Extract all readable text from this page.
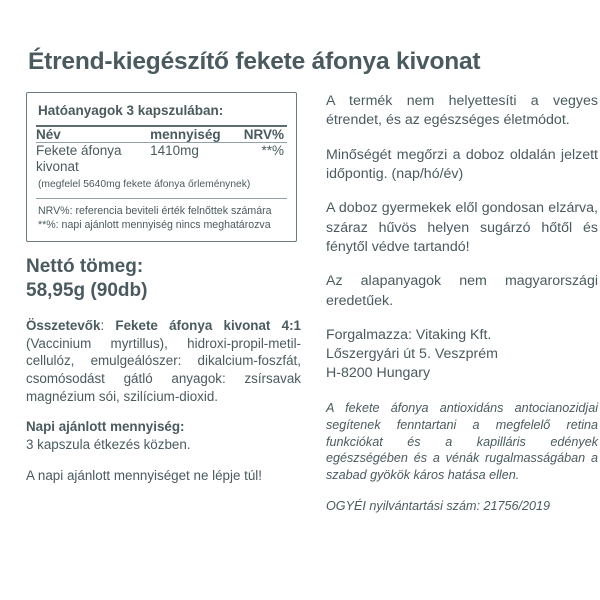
Étrend-kiegészítő fekete áfonya kivonat
Hatóanyagok 3 kapszulában:
Név	mennyiség	NRV%
Fekete áfonya kivonat	1410mg	**%
(megfelel 5640mg fekete áfonya őrleménynek)
NRV%: referencia beviteli érték felnőttek számára
**%: napi ajánlott mennyiség nincs meghatározva
Nettó tömeg:
58,95g (90db)
Összetevők: Fekete áfonya kivonat 4:1 (Vaccinium myrtillus), hidroxi-propil-metil-cellulóz, emulgeálószer: dikalcium-foszfát, csomósodást gátló anyagok: zsírsavak magnézium sói, szilícium-dioxid.
Napi ajánlott mennyiség:
3 kapszula étkezés közben.
A napi ajánlott mennyiséget ne lépje túl!

A termék nem helyettesíti a vegyes étrendet, és az egészséges életmódot.

Minőségét megőrzi a doboz oldalán jelzett időpontig. (nap/hó/év)

A doboz gyermekek elől gondosan elzárva, száraz hűvös helyen sugárzó hőtől és fénytől védve tartandó!

Az alapanyagok nem magyarországi eredetűek.

Forgalmazza: Vitaking Kft.
Lőszergyári út 5. Veszprém
H-8200 Hungary

A fekete áfonya antioxidáns antocianozidjai segítenek fenntartani a megfelelő retina funkciókat és a kapilláris edények egészségében és a vénák rugalmasságában a szabad gyökök káros hatása ellen.

OGYÉI nyilvántartási szám: 21756/2019
